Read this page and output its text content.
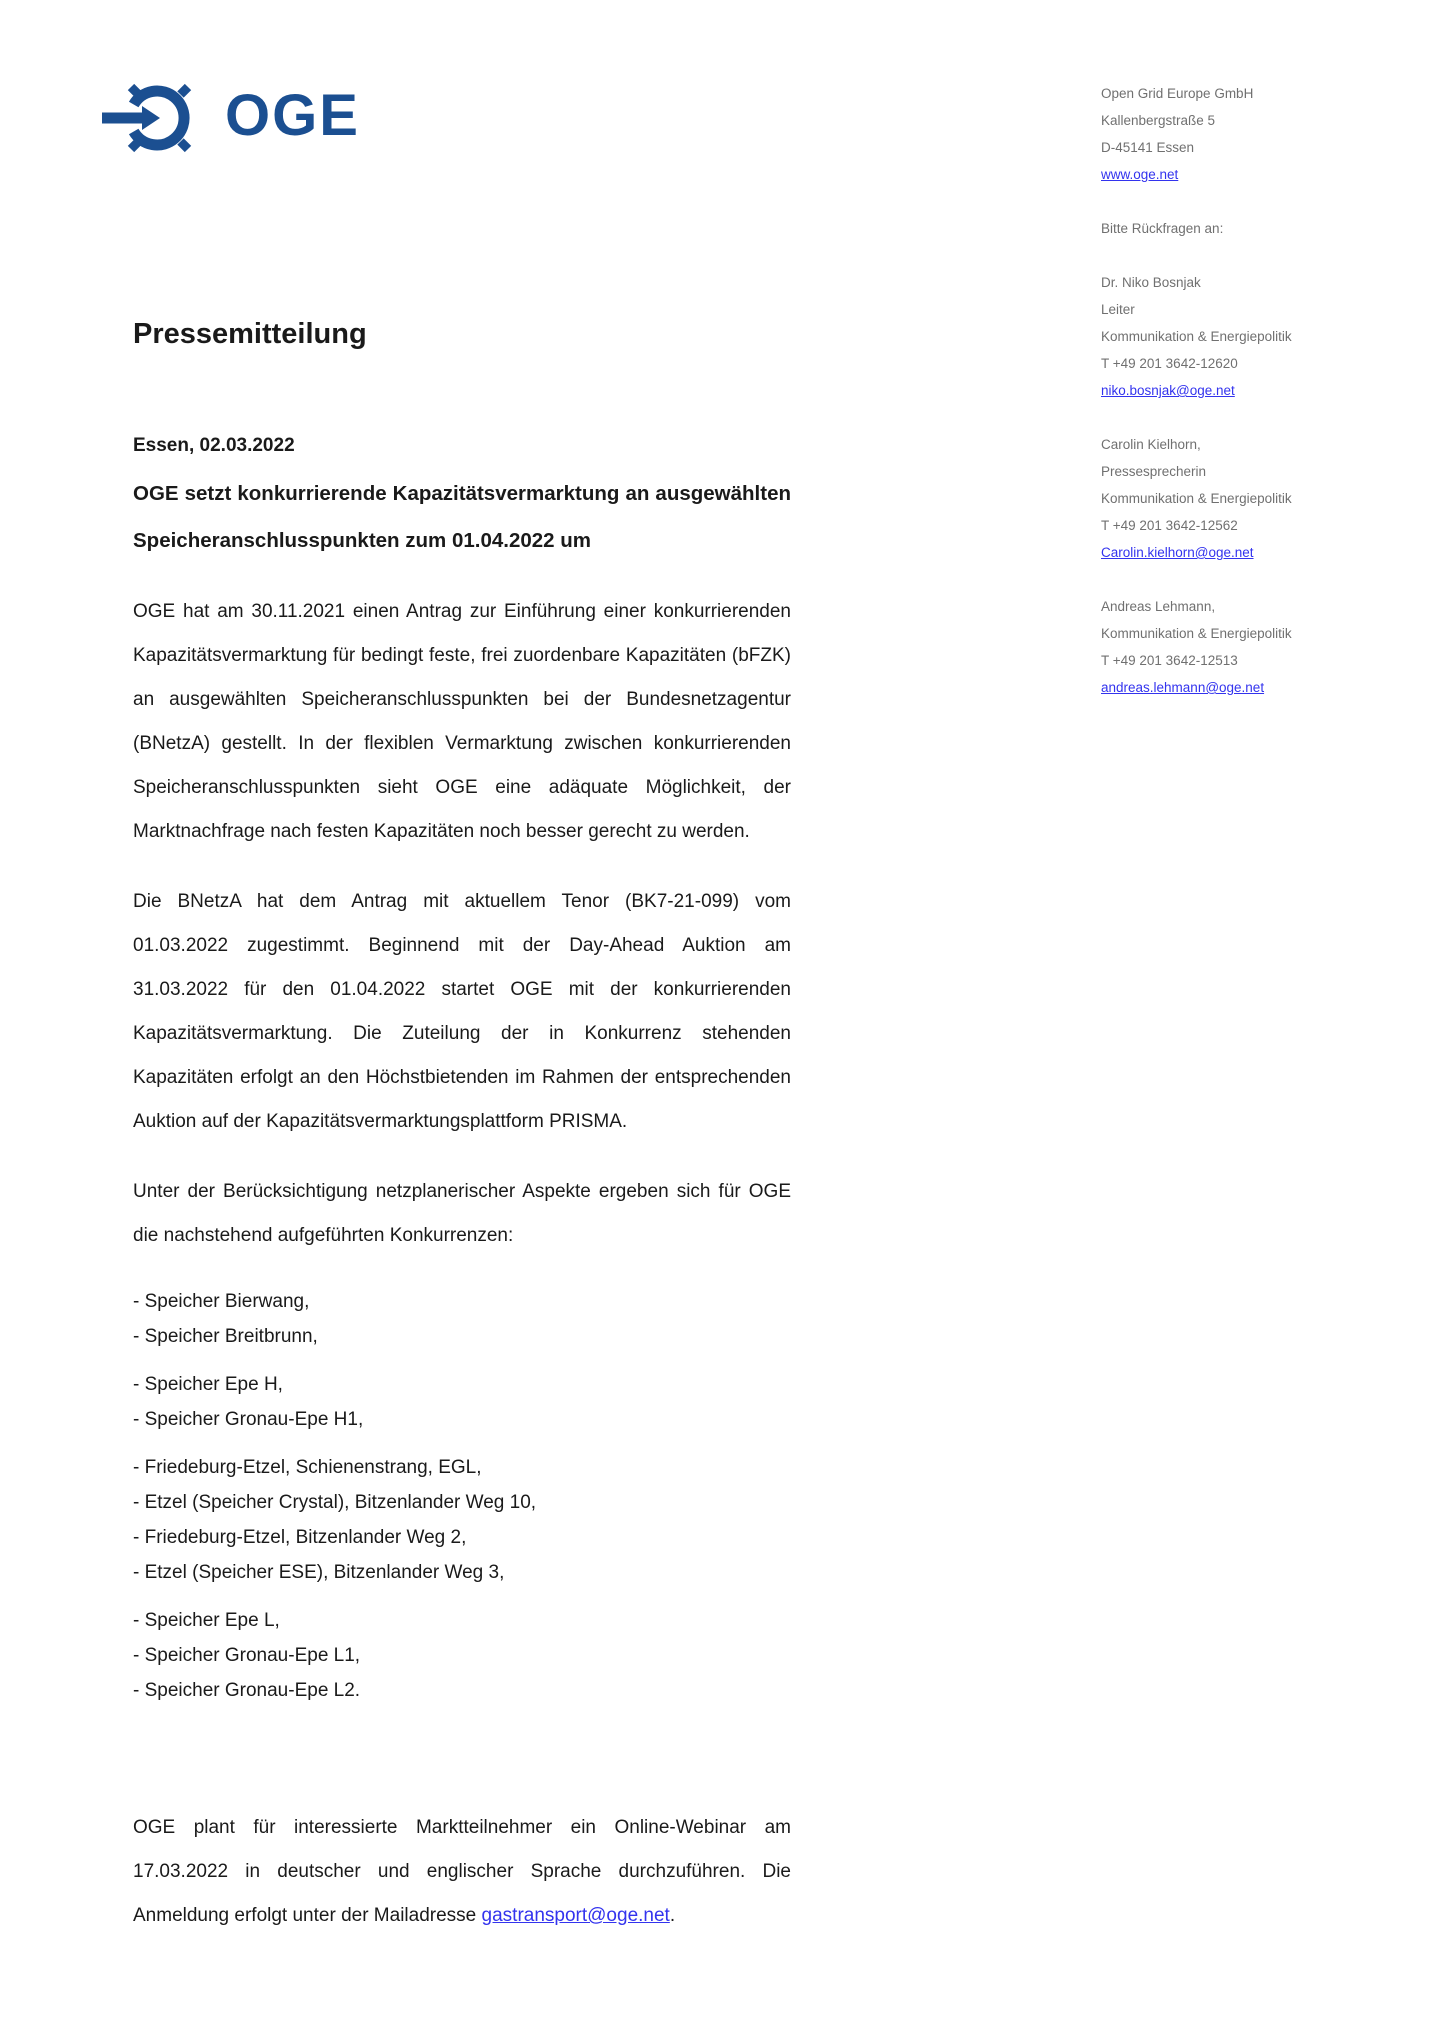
OGE	Open Grid Europe GmbH
Kallenbergstraße 5
D-45141 Essen
www.oge.net
Bitte Rückfragen an:
Dr. Niko Bosnjak
Leiter
Kommunikation & Energiepolitik
T +49 201 3642-12620
niko.bosnjak@oge.net
Carolin Kielhorn,
Pressesprecherin
Kommunikation & Energiepolitik
T +49 201 3642-12562
Carolin.kielhorn@oge.net
Andreas Lehmann,
Kommunikation & Energiepolitik
T +49 201 3642-12513
andreas.lehmann@oge.net
Pressemitteilung
Essen, 02.03.2022
OGE setzt konkurrierende Kapazitätsvermarktung an ausgewählten Speicheranschlusspunkten zum 01.04.2022 um

OGE hat am 30.11.2021 einen Antrag zur Einführung einer konkurrierenden Kapazitätsvermarktung für bedingt feste, frei zuordenbare Kapazitäten (bFZK) an ausgewählten Speicheranschlusspunkten bei der Bundesnetzagentur (BNetzA) gestellt. In der flexiblen Vermarktung zwischen konkurrierenden Speicheranschlusspunkten sieht OGE eine adäquate Möglichkeit, der Marktnachfrage nach festen Kapazitäten noch besser gerecht zu werden.

Die BNetzA hat dem Antrag mit aktuellem Tenor (BK7-21-099) vom 01.03.2022 zugestimmt. Beginnend mit der Day-Ahead Auktion am 31.03.2022 für den 01.04.2022 startet OGE mit der konkurrierenden Kapazitätsvermarktung. Die Zuteilung der in Konkurrenz stehenden Kapazitäten erfolgt an den Höchstbietenden im Rahmen der entsprechenden Auktion auf der Kapazitätsvermarktungsplattform PRISMA.

Unter der Berücksichtigung netzplanerischer Aspekte ergeben sich für OGE die nachstehend aufgeführten Konkurrenzen:

- Speicher Bierwang,
- Speicher Breitbrunn,
- Speicher Epe H,
- Speicher Gronau-Epe H1,
- Friedeburg-Etzel, Schienenstrang, EGL,
- Etzel (Speicher Crystal), Bitzenlander Weg 10,
- Friedeburg-Etzel, Bitzenlander Weg 2,
- Etzel (Speicher ESE), Bitzenlander Weg 3,
- Speicher Epe L,
- Speicher Gronau-Epe L1,
- Speicher Gronau-Epe L2.

OGE plant für interessierte Marktteilnehmer ein Online-Webinar am 17.03.2022 in deutscher und englischer Sprache durchzuführen. Die Anmeldung erfolgt unter der Mailadresse gastransport@oge.net.
